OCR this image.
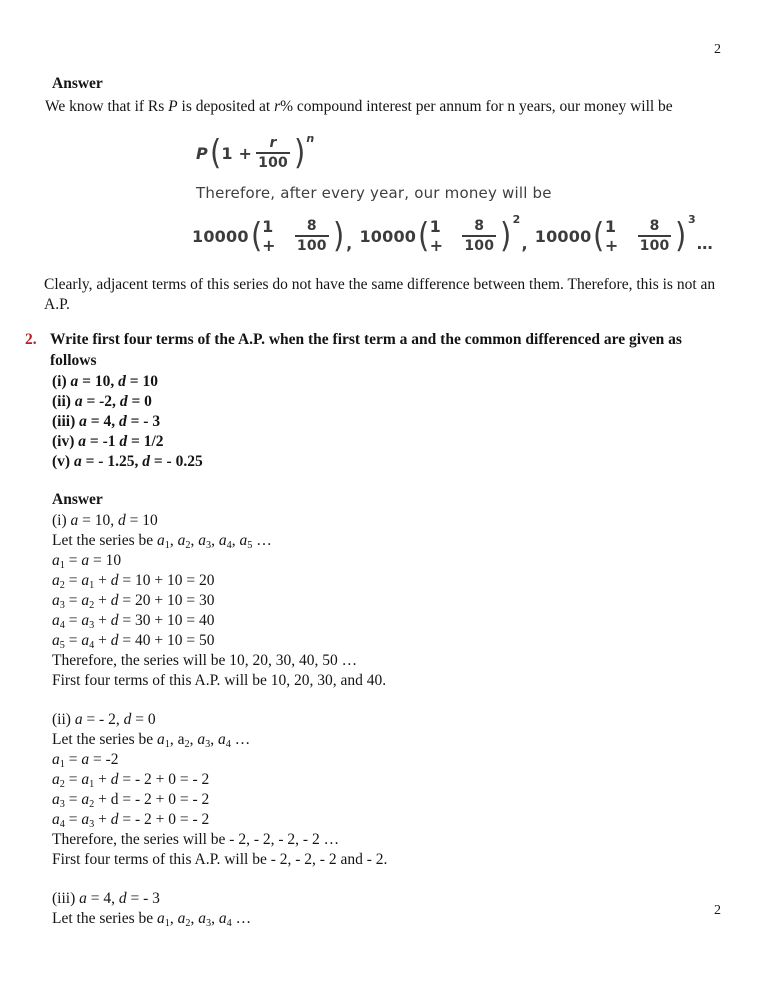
2
Answer
We know that if Rs P is deposited at r% compound interest per annum for n years, our money will be
P ( $1 + \frac{r}{100}$ ) n
Therefore, after every year, our money will be
10000 ( 1 +	$\frac{8}{100}$ ) , 10000 ( 1 +	$\frac{8}{100}$ ) 2
, 10000 ( 1 +	$\frac{8}{100}$ ) 3
…
Clearly, adjacent terms of this series do not have the same difference between them. Therefore, this is not an
A.P.
2. Write first four terms of the A.P. when the first term a and the common differenced are given as follows
(i) a = 10, d = 10
(ii) a = -2, d = 0
(iii) a = 4, d = - 3
(iv) a = -1 d = 1/2
(v) a = - 1.25, d = - 0.25
Answer
(i) a = 10, d = 10
Let the series be $a_1$, $a_2$, $a_3$, $a_4$, $a_5$ …
$a_1 = a = 10$
$a_2 = a_1 + d = 10 + 10 = 20$
$a_3 = a_2 + d = 20 + 10 = 30$
$a_4 = a_3 + d = 30 + 10 = 40$
$a_5 = a_4 + d = 40 + 10 = 50$
Therefore, the series will be 10, 20, 30, 40, 50 …
First four terms of this A.P. will be 10, 20, 30, and 40.
(ii) a = - 2, d = 0
Let the series be $a_1$, $a_2$, $a_3$, $a_4$ …
$a_1 = a = -2$
$a_2 = a_1 + d$ = - 2 + 0 = - 2
$a_3 = a_2 + d$ = - 2 + 0 = - 2
$a_4 = a_3 + d$ = - 2 + 0 = - 2
Therefore, the series will be - 2, - 2, - 2, - 2 …
First four terms of this A.P. will be - 2, - 2, - 2 and - 2.
(iii) a = 4, d = - 3
Let the series be $a_1$, $a_2$, $a_3$, $a_4$ …	2
